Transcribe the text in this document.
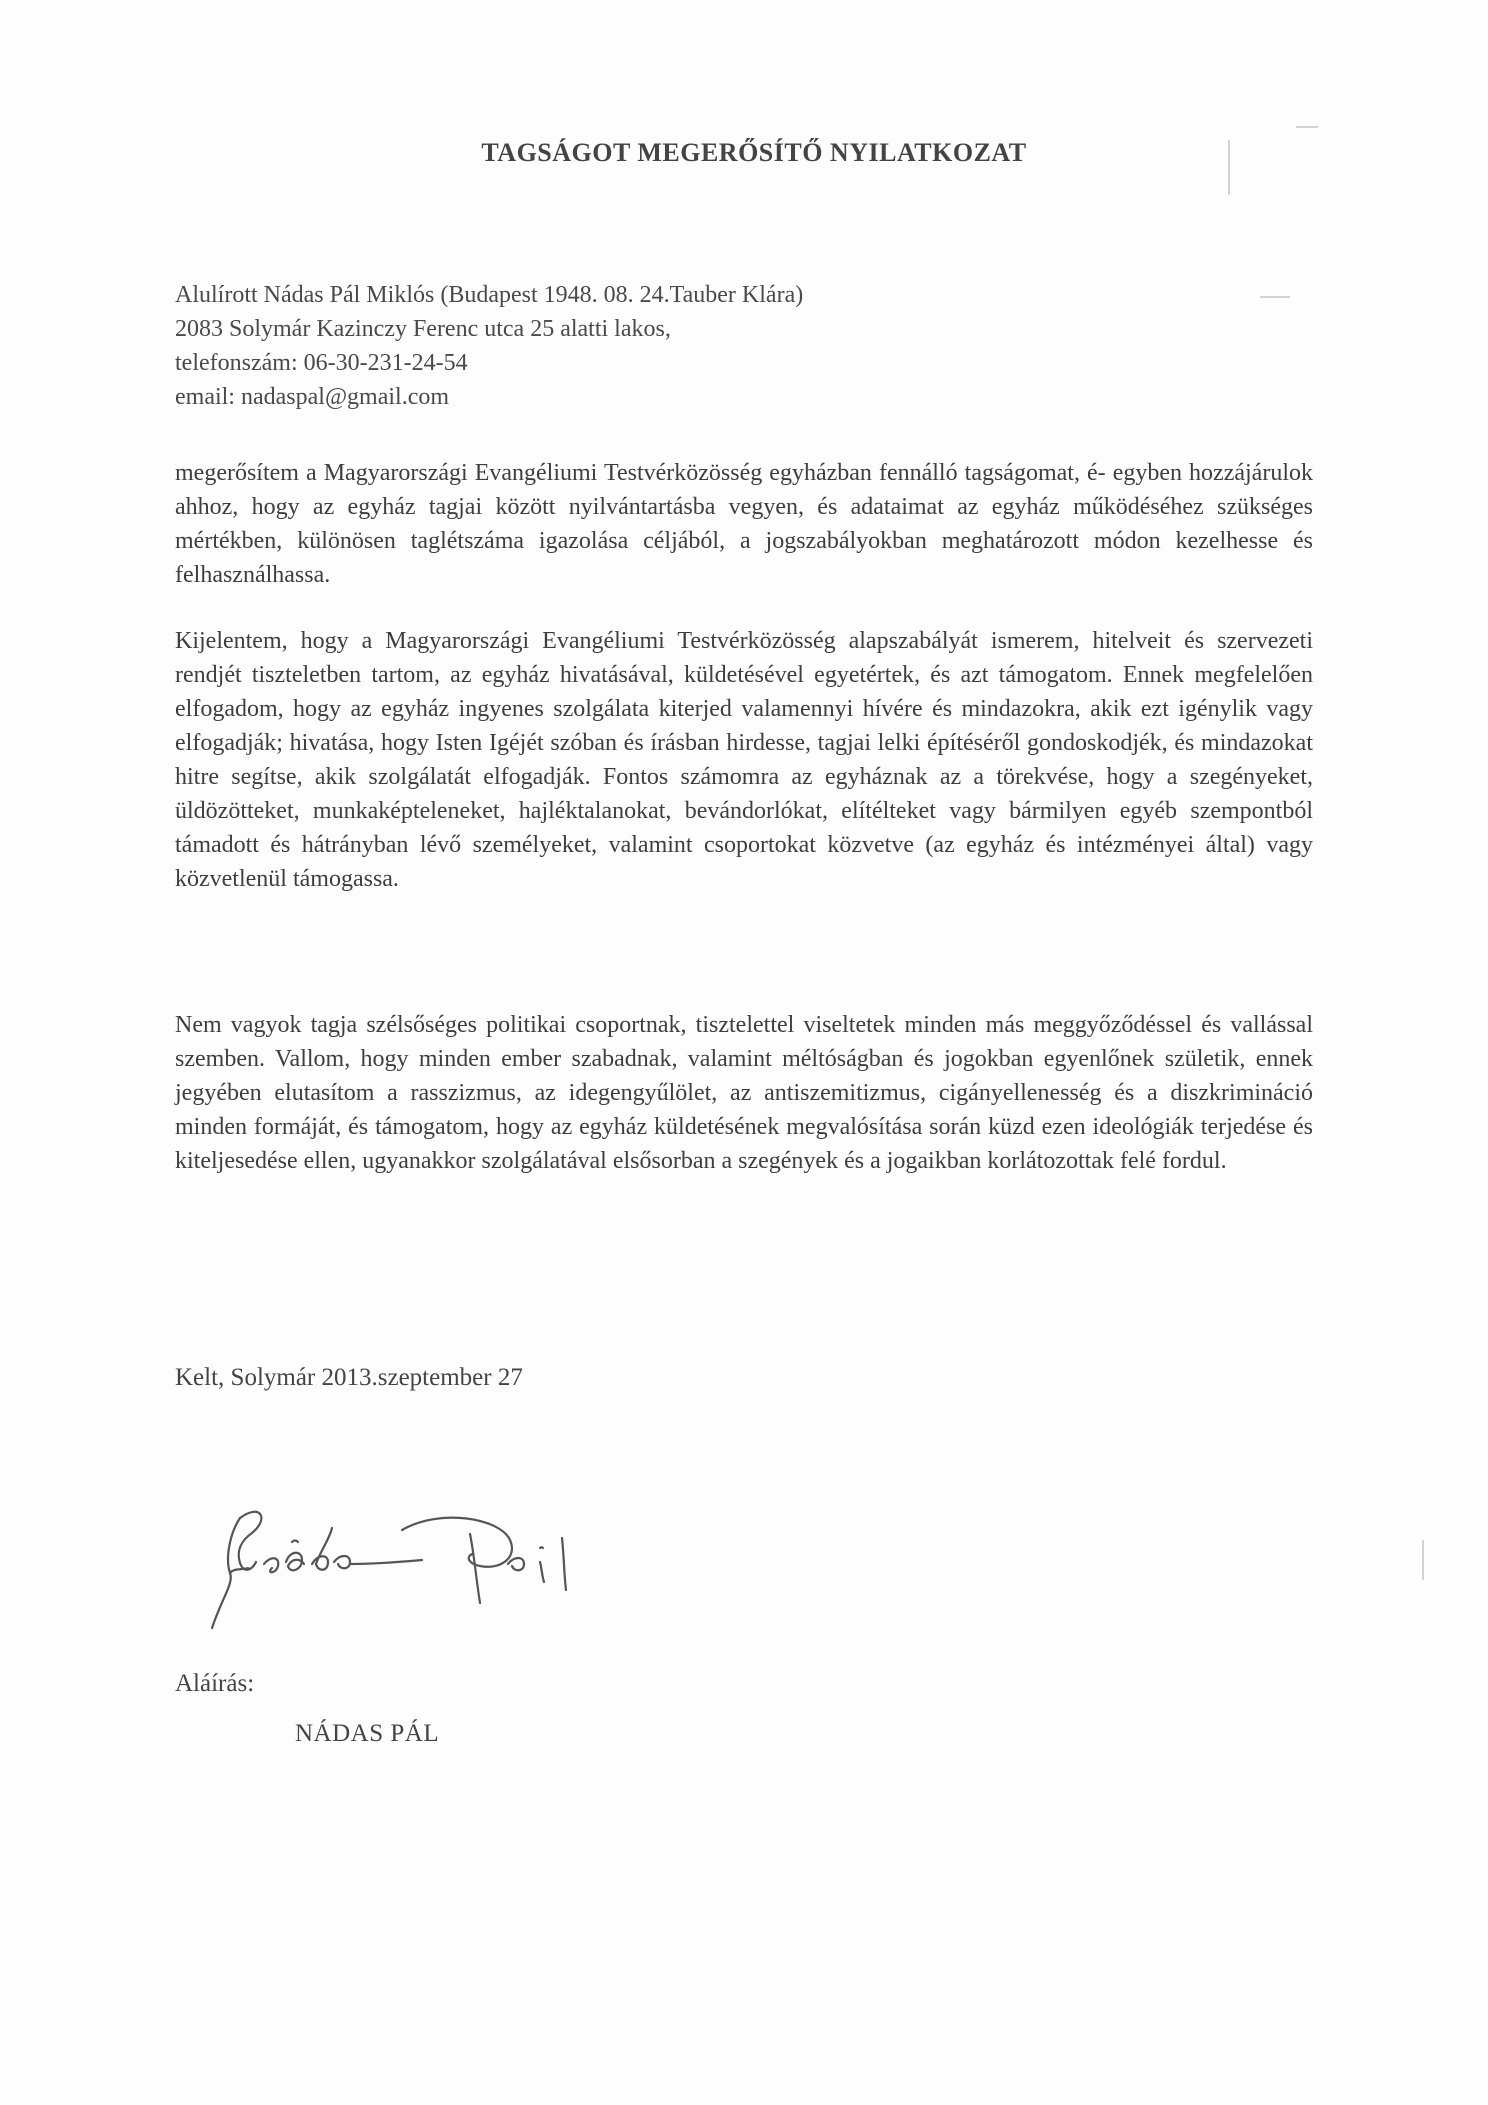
TAGSÁGOT MEGERŐSÍTŐ NYILATKOZAT
Alulírott Nádas Pál Miklós (Budapest 1948. 08. 24.Tauber Klára)
2083 Solymár Kazinczy Ferenc utca 25 alatti lakos,
telefonszám: 06-30-231-24-54
email: nadaspal@gmail.com
megerősítem a Magyarországi Evangéliumi Testvérközösség egyházban fennálló tagságomat, é- egyben hozzájárulok ahhoz, hogy az egyház tagjai között nyilvántartásba vegyen, és adataimat az egyház működéséhez szükséges mértékben, különösen taglétszáma igazolása céljából, a jogszabályokban meghatározott módon kezelhesse és felhasználhassa.
Kijelentem, hogy a Magyarországi Evangéliumi Testvérközösség alapszabályát ismerem, hitelveit és szervezeti rendjét tiszteletben tartom, az egyház hivatásával, küldetésével egyetértek, és azt támogatom. Ennek megfelelően elfogadom, hogy az egyház ingyenes szolgálata kiterjed valamennyi hívére és mindazokra, akik ezt igénylik vagy elfogadják; hivatása, hogy Isten Igéjét szóban és írásban hirdesse, tagjai lelki építéséről gondoskodjék, és mindazokat hitre segítse, akik szolgálatát elfogadják. Fontos számomra az egyháznak az a törekvése, hogy a szegényeket, üldözötteket, munkaképteleneket, hajléktalanokat, bevándorlókat, elítélteket vagy bármilyen egyéb szempontból támadott és hátrányban lévő személyeket, valamint csoportokat közvetve (az egyház és intézményei által) vagy közvetlenül támogassa.
Nem vagyok tagja szélsőséges politikai csoportnak, tisztelettel viseltetek minden más meggyőződéssel és vallással szemben. Vallom, hogy minden ember szabadnak, valamint méltóságban és jogokban egyenlőnek születik, ennek jegyében elutasítom a rasszizmus, az idegengyűlölet, az antiszemitizmus, cigányellenesség és a diszkrimináció minden formáját, és támogatom, hogy az egyház küldetésének megvalósítása során küzd ezen ideológiák terjedése és kiteljesedése ellen, ugyanakkor szolgálatával elsősorban a szegények és a jogaikban korlátozottak felé fordul.
Kelt, Solymár 2013.szeptember 27
Aláírás:
NÁDAS PÁL
